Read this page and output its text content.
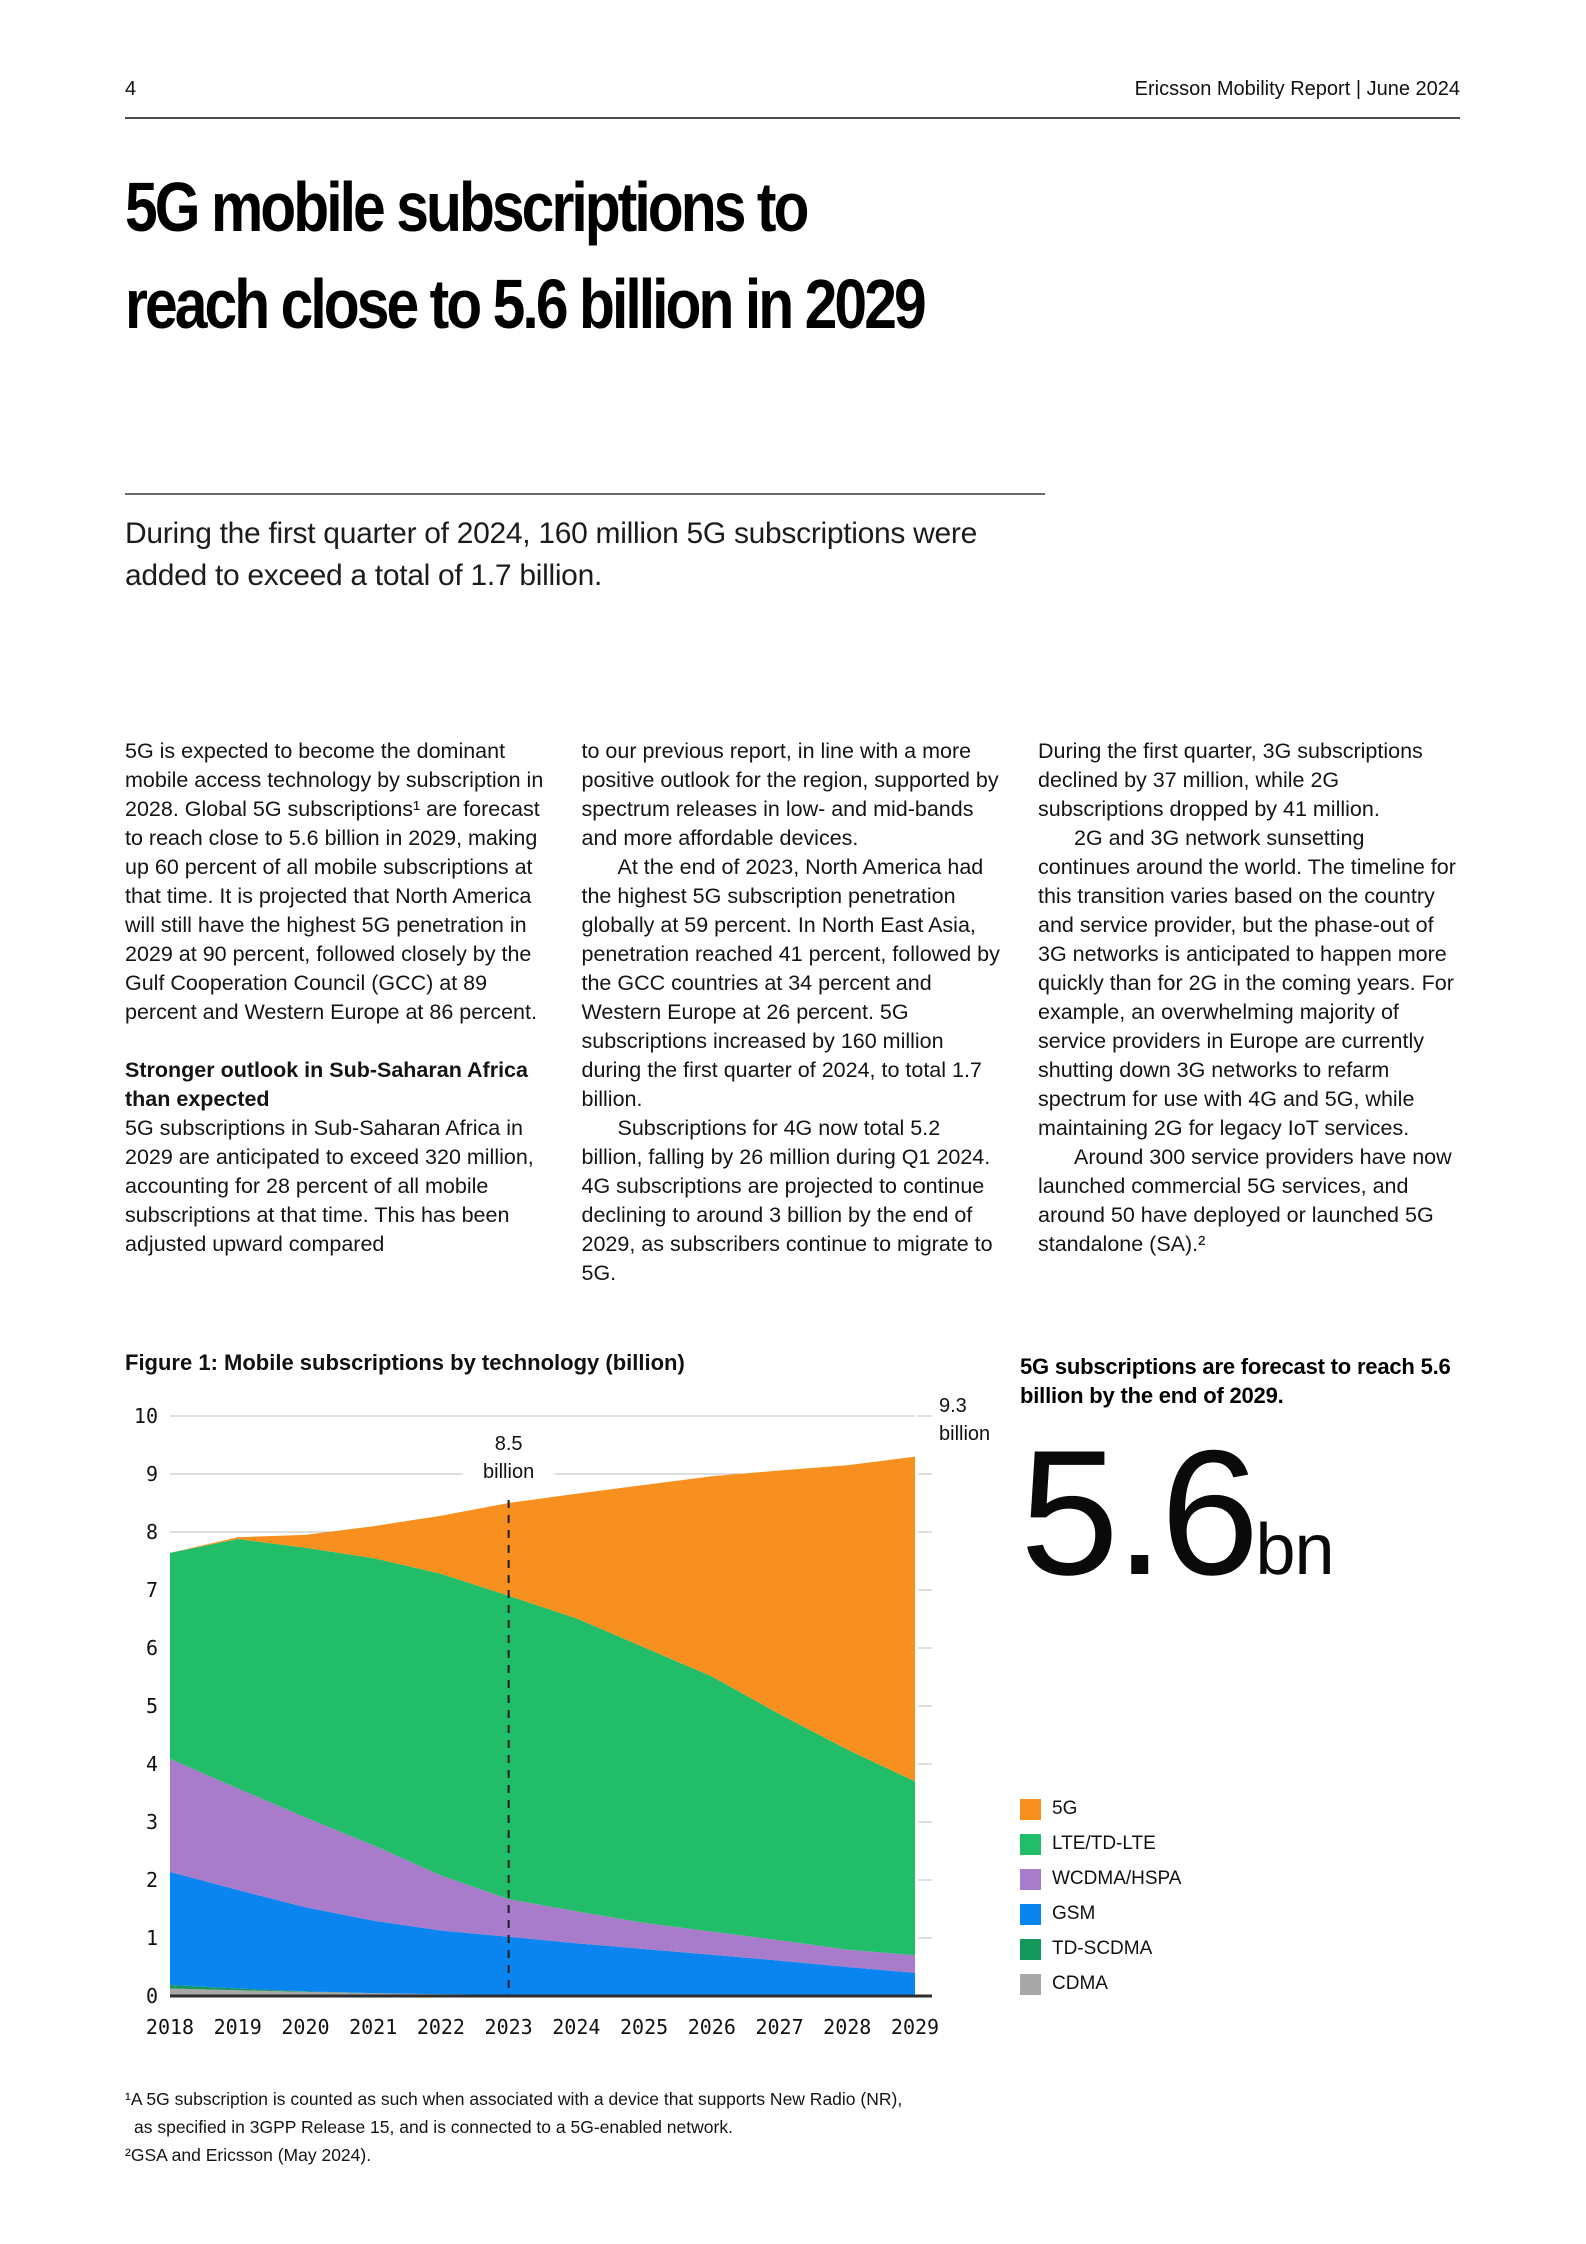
4	Ericsson Mobility Report | June 2024
5G mobile subscriptions to
reach close to 5.6 billion in 2029
During the first quarter of 2024, 160 million 5G subscriptions were added to exceed a total of 1.7 billion.

5G is expected to become the dominant mobile access technology by subscription in 2028. Global 5G subscriptions¹ are forecast to reach close to 5.6 billion in 2029, making up 60 percent of all mobile subscriptions at that time. It is projected that North America will still have the highest 5G penetration in 2029 at 90 percent, followed closely by the Gulf Cooperation Council (GCC) at 89 percent and Western Europe at 86 percent.

Stronger outlook in Sub-Saharan Africa than expected

5G subscriptions in Sub-Saharan Africa in 2029 are anticipated to exceed 320 million, accounting for 28 percent of all mobile subscriptions at that time. This has been adjusted upward compared

to our previous report, in line with a more positive outlook for the region, supported by spectrum releases in low- and mid-bands and more affordable devices.

At the end of 2023, North America had the highest 5G subscription penetration globally at 59 percent. In North East Asia, penetration reached 41 percent, followed by the GCC countries at 34 percent and Western Europe at 26 percent. 5G subscriptions increased by 160 million during the first quarter of 2024, to total 1.7 billion.

Subscriptions for 4G now total 5.2 billion, falling by 26 million during Q1 2024. 4G subscriptions are projected to continue declining to around 3 billion by the end of 2029, as subscribers continue to migrate to 5G.

During the first quarter, 3G subscriptions declined by 37 million, while 2G subscriptions dropped by 41 million.

2G and 3G network sunsetting continues around the world. The timeline for this transition varies based on the country and service provider, but the phase-out of 3G networks is anticipated to happen more quickly than for 2G in the coming years. For example, an overwhelming majority of service providers in Europe are currently shutting down 3G networks to refarm spectrum for use with 4G and 5G, while maintaining 2G for legacy IoT services.

Around 300 service providers have now launched commercial 5G services, and around 50 have deployed or launched 5G standalone (SA).²

Figure 1: Mobile subscriptions by technology (billion)
0
1
2
3
4
5
6
7
8
9
10
2018 2019 2020 2021 2022 2023 2024 2025 2026 2027 2028 2029
8.5
billion
9.3
billion
5G subscriptions are forecast to reach 5.6 billion by the end of 2029.
5.6bn
5G
LTE/TD-LTE
WCDMA/HSPA
GSM
TD-SCDMA
CDMA
¹A 5G subscription is counted as such when associated with a device that supports New Radio (NR),
as specified in 3GPP Release 15, and is connected to a 5G-enabled network.
²GSA and Ericsson (May 2024).
